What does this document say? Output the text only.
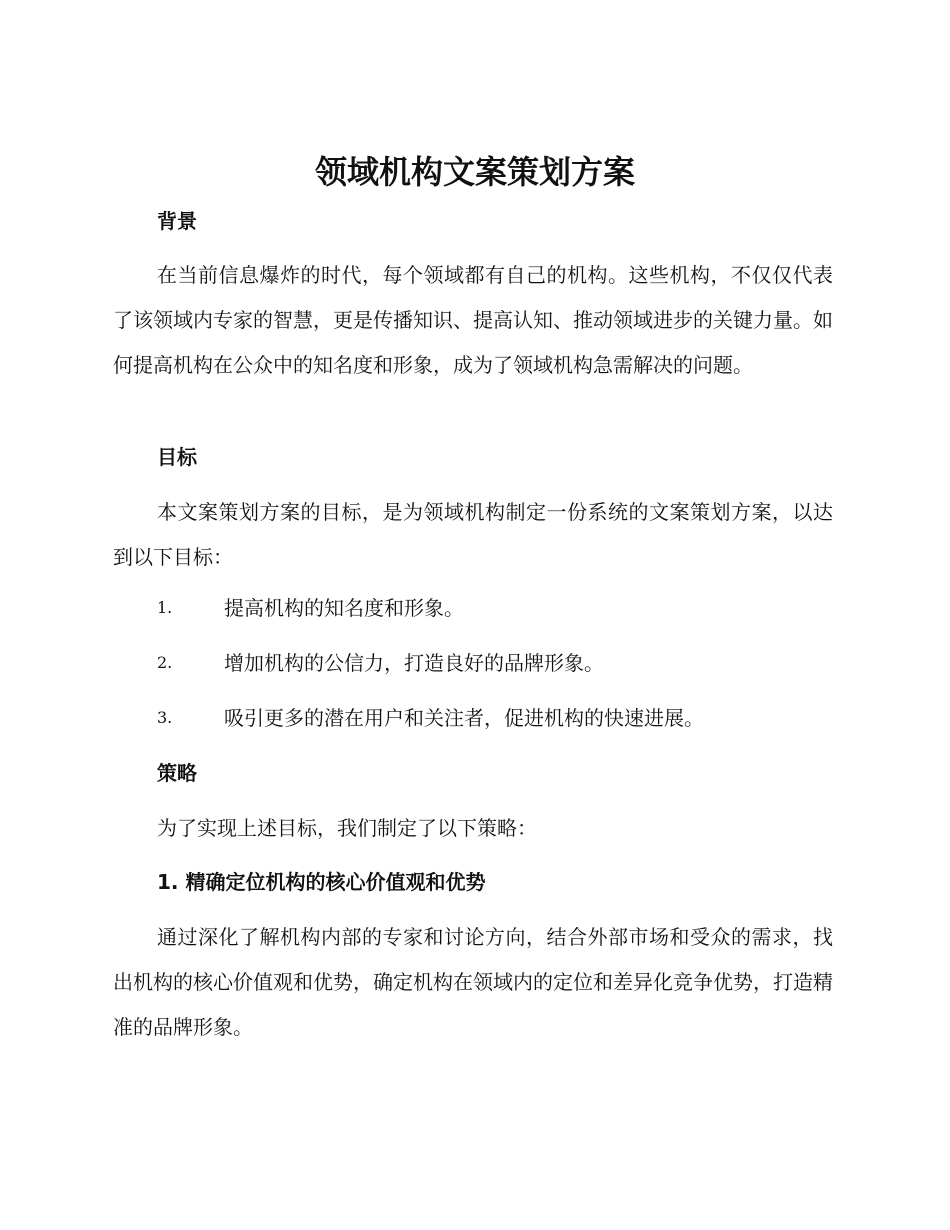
领域机构文案策划方案
背景

在当前信息爆炸的时代，每个领域都有自己的机构。这些机构，不仅仅代表了该领域内专家的智慧，更是传播知识、提高认知、推动领域进步的关键力量。如何提高机构在公众中的知名度和形象，成为了领域机构急需解决的问题。

目标

本文案策划方案的目标，是为领域机构制定一份系统的文案策划方案，以达到以下目标：

1.	提高机构的知名度和形象。
2.	增加机构的公信力，打造良好的品牌形象。
3.	吸引更多的潜在用户和关注者，促进机构的快速进展。
策略

为了实现上述目标，我们制定了以下策略：

1. 精确定位机构的核心价值观和优势

通过深化了解机构内部的专家和讨论方向，结合外部市场和受众的需求，找出机构的核心价值观和优势，确定机构在领域内的定位和差异化竞争优势，打造精准的品牌形象。
